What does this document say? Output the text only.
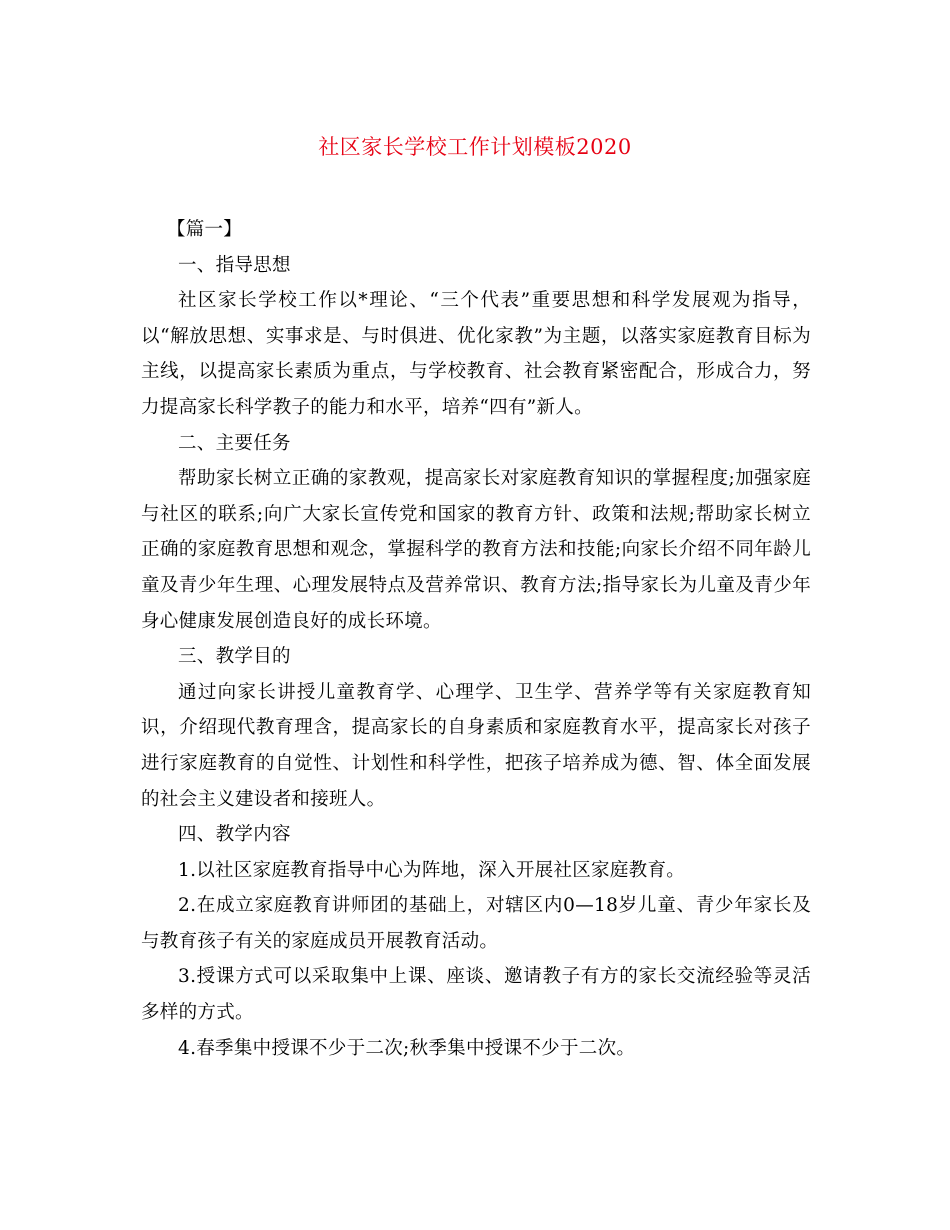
社区家长学校工作计划模板2020

【篇一】

一、指导思想

社区家长学校工作以*理论、“三个代表”重要思想和科学发展观为指导，以“解放思想、实事求是、与时俱进、优化家教”为主题，以落实家庭教育目标为主线，以提高家长素质为重点，与学校教育、社会教育紧密配合，形成合力，努力提高家长科学教子的能力和水平，培养“四有”新人。

二、主要任务

帮助家长树立正确的家教观，提高家长对家庭教育知识的掌握程度;加强家庭与社区的联系;向广大家长宣传党和国家的教育方针、政策和法规;帮助家长树立正确的家庭教育思想和观念，掌握科学的教育方法和技能;向家长介绍不同年龄儿童及青少年生理、心理发展特点及营养常识、教育方法;指导家长为儿童及青少年身心健康发展创造良好的成长环境。

三、教学目的

通过向家长讲授儿童教育学、心理学、卫生学、营养学等有关家庭教育知识，介绍现代教育理含，提高家长的自身素质和家庭教育水平，提高家长对孩子进行家庭教育的自觉性、计划性和科学性，把孩子培养成为德、智、体全面发展的社会主义建设者和接班人。

四、教学内容

1.以社区家庭教育指导中心为阵地，深入开展社区家庭教育。

2.在成立家庭教育讲师团的基础上，对辖区内0—18岁儿童、青少年家长及与教育孩子有关的家庭成员开展教育活动。

3.授课方式可以采取集中上课、座谈、邀请教子有方的家长交流经验等灵活多样的方式。

4.春季集中授课不少于二次;秋季集中授课不少于二次。
